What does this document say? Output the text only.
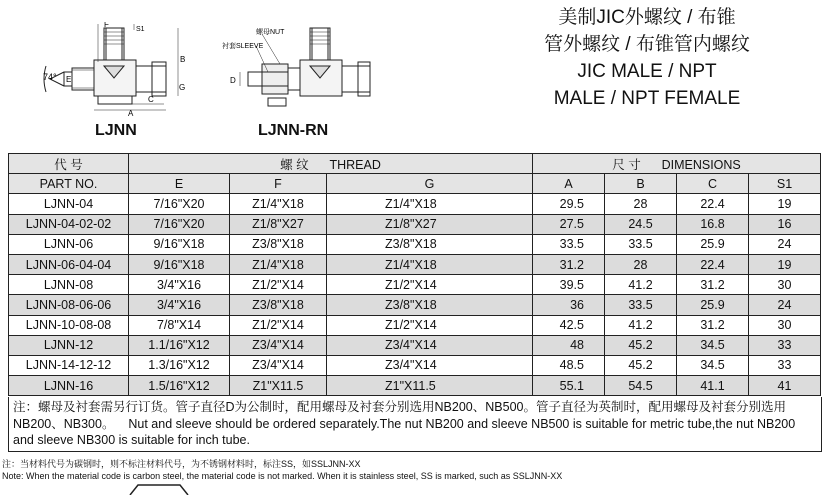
美制JIC外螺纹 / 布锥
管外螺纹 / 布锥管内螺纹
JIC MALE / NPT
MALE / NPT FEMALE
74° E
F
G
B
C
A
S1
LJNN
D
螺母NUT
衬套SLEEVE
LJNN-RN
代 号	螺 纹 THREAD			尺 寸 DIMENSIONS			
PART NO.	E	F	G	A	B	C	S1
LJNN-04	7/16"X20	Z1/4"X18	Z1/4"X18	29.5	28	22.4	19
LJNN-04-02-02	7/16"X20	Z1/8"X27	Z1/8"X27	27.5	24.5	16.8	16
LJNN-06	9/16"X18	Z3/8"X18	Z3/8"X18	33.5	33.5	25.9	24
LJNN-06-04-04	9/16"X18	Z1/4"X18	Z1/4"X18	31.2	28	22.4	19
LJNN-08	3/4"X16	Z1/2"X14	Z1/2"X14	39.5	41.2	31.2	30
LJNN-08-06-06	3/4"X16	Z3/8"X18	Z3/8"X18	36	33.5	25.9	24
LJNN-10-08-08	7/8"X14	Z1/2"X14	Z1/2"X14	42.5	41.2	31.2	30
LJNN-12	1.1/16"X12	Z3/4"X14	Z3/4"X14	48	45.2	34.5	33
LJNN-14-12-12	1.3/16"X12	Z3/4"X14	Z3/4"X14	48.5	45.2	34.5	33
LJNN-16	1.5/16"X12	Z1"X11.5	Z1"X11.5	55.1	54.5	41.1	41
注：螺母及衬套需另行订货。管子直径D为公制时，配用螺母及衬套分别选用NB200、NB500。管子直径为英制时，配用螺母及衬套分别选用NB200、NB300。 Nut and sleeve should be ordered separately.The nut NB200 and sleeve NB500 is suitable for metric tube,the nut NB200 and sleeve NB300 is suitable for inch tube.
注：当材料代号为碳钢时，则不标注材料代号，为不锈钢材料时，标注SS，如SSLJNN-XX
Note: When the material code is carbon steel, the material code is not marked. When it is stainless steel, SS is marked, such as SSLJNN-XX
